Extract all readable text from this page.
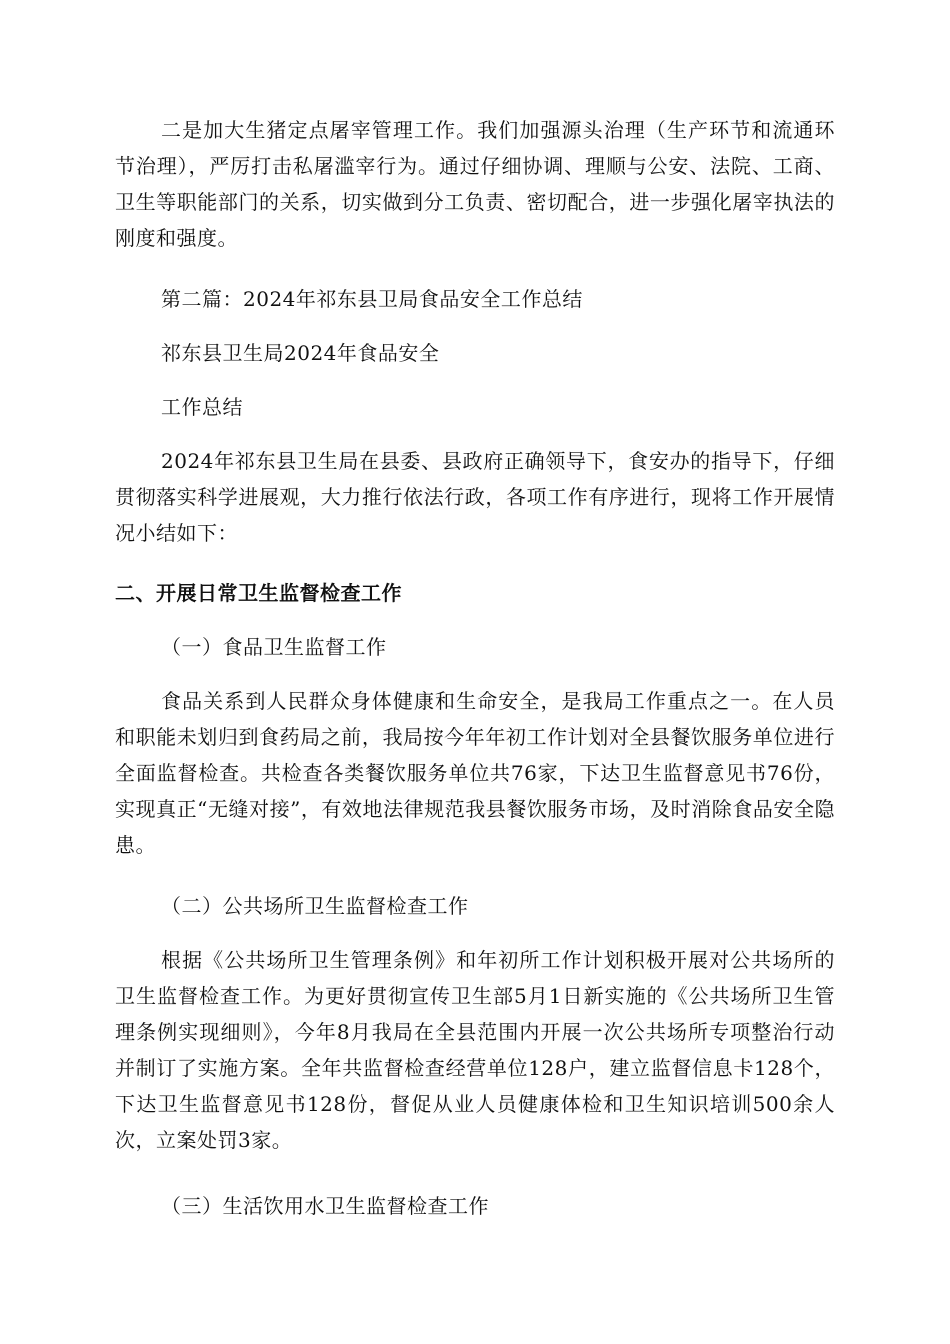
二是加大生猪定点屠宰管理工作。我们加强源头治理（生产环节和流通环节治理），严厉打击私屠滥宰行为。通过仔细协调、理顺与公安、法院、工商、卫生等职能部门的关系，切实做到分工负责、密切配合，进一步强化屠宰执法的刚度和强度。

第二篇：2024年祁东县卫局食品安全工作总结

祁东县卫生局2024年食品安全

工作总结

2024年祁东县卫生局在县委、县政府正确领导下，食安办的指导下，仔细贯彻落实科学进展观，大力推行依法行政，各项工作有序进行，现将工作开展情况小结如下：

二、开展日常卫生监督检查工作

（一）食品卫生监督工作

食品关系到人民群众身体健康和生命安全，是我局工作重点之一。在人员和职能未划归到食药局之前，我局按今年年初工作计划对全县餐饮服务单位进行全面监督检查。共检查各类餐饮服务单位共76家，下达卫生监督意见书76份，实现真正“无缝对接”，有效地法律规范我县餐饮服务市场，及时消除食品安全隐患。

（二）公共场所卫生监督检查工作

根据《公共场所卫生管理条例》和年初所工作计划积极开展对公共场所的卫生监督检查工作。为更好贯彻宣传卫生部5月1日新实施的《公共场所卫生管理条例实现细则》，今年8月我局在全县范围内开展一次公共场所专项整治行动并制订了实施方案。全年共监督检查经营单位128户，建立监督信息卡128个，下达卫生监督意见书128份，督促从业人员健康体检和卫生知识培训500余人次，立案处罚3家。

（三）生活饮用水卫生监督检查工作
